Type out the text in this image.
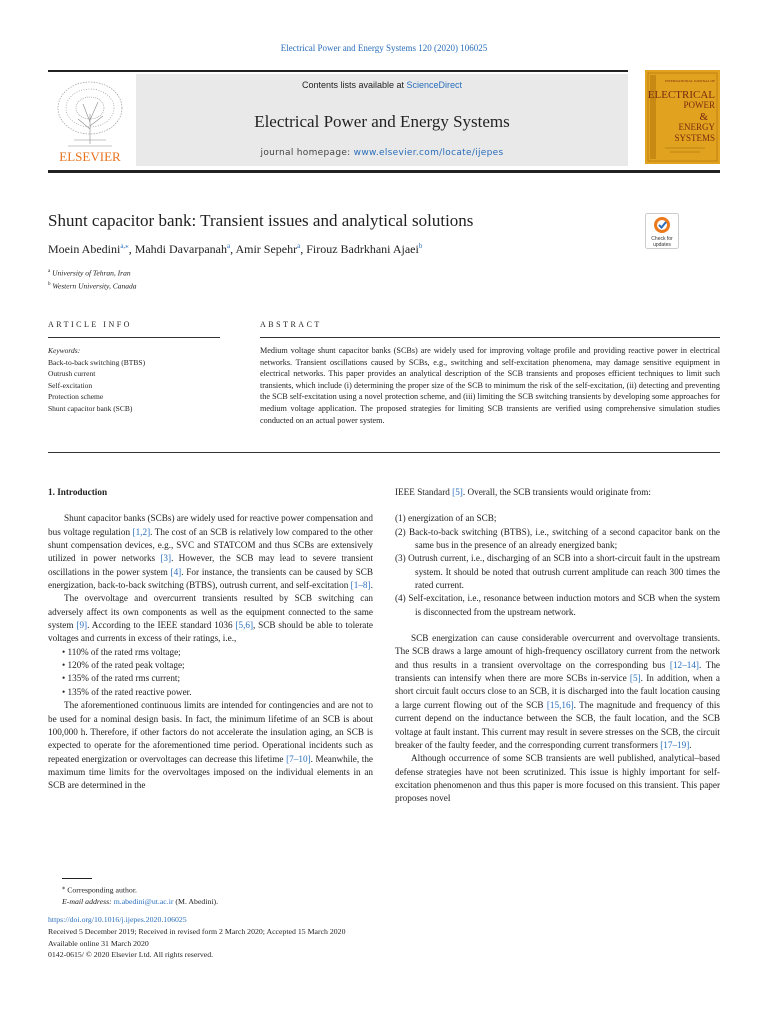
Electrical Power and Energy Systems 120 (2020) 106025
ELSEVIER
Contents lists available at ScienceDirect
Electrical Power and Energy Systems
journal homepage: www.elsevier.com/locate/ijepes
INTERNATIONAL JOURNAL OF
ELECTRICAL
POWER
&
ENERGY
SYSTEMS
Shunt capacitor bank: Transient issues and analytical solutions
Check for
updates
Moein Abedini$^{a,⁎}$, Mahdi Davarpanah$^a$, Amir Sepehr$^a$, Firouz Badrkhani Ajaei$^b$
$^a$ University of Tehran, Iran
$^b$ Western University, Canada
ARTICLE INFO	ABSTRACT
Keywords:
Back-to-back switching (BTBS)
Outrush current
Self-excitation
Protection scheme
Shunt capacitor bank (SCB)
Medium voltage shunt capacitor banks (SCBs) are widely used for improving voltage profile and providing reactive power in electrical networks. Transient oscillations caused by SCBs, e.g., switching and self-excitation phenomena, may damage sensitive equipment in electrical networks. This paper provides an analytical description of the SCB transients and proposes efficient techniques to limit such transients, which include (i) determining the proper size of the SCB to minimum the risk of the self-excitation, (ii) detecting and preventing the SCB self-excitation using a novel protection scheme, and (iii) limiting the SCB switching transients by developing some approaches for medium voltage application. The proposed strategies for limiting SCB transients are verified using comprehensive simulation studies conducted on an actual power system.
1. Introduction

Shunt capacitor banks (SCBs) are widely used for reactive power compensation and bus voltage regulation [1,2]. The cost of an SCB is relatively low compared to the other shunt compensation devices, e.g., SVC and STATCOM and thus SCBs are extensively utilized in power networks [3]. However, the SCB may lead to severe transient oscillations in the power system [4]. For instance, the transients can be caused by SCB energization, back-to-back switching (BTBS), outrush current, and self-excitation [1–8].

The overvoltage and overcurrent transients resulted by SCB switching can adversely affect its own components as well as the equipment connected to the same system [9]. According to the IEEE standard 1036 [5,6], SCB should be able to tolerate voltages and currents in excess of their ratings, i.e.,

• 110% of the rated rms voltage;
• 120% of the rated peak voltage;
• 135% of the rated rms current;
• 135% of the rated reactive power.

The aforementioned continuous limits are intended for contingencies and are not to be used for a nominal design basis. In fact, the minimum lifetime of an SCB is about 100,000 h. Therefore, if other factors do not accelerate the insulation aging, an SCB is expected to operate for the aforementioned time period. Operational incidents such as repeated energization or overvoltages can decrease this lifetime [7–10]. Meanwhile, the maximum time limits for the overvoltages imposed on the individual elements in an SCB are determined in the

IEEE Standard [5]. Overall, the SCB transients would originate from:

(1) energization of an SCB;
(2) Back-to-back switching (BTBS), i.e., switching of a second capacitor bank on the same bus in the presence of an already energized bank;
(3) Outrush current, i.e., discharging of an SCB into a short-circuit fault in the upstream system. It should be noted that outrush current amplitude can reach 300 times the rated current.
(4) Self-excitation, i.e., resonance between induction motors and SCB when the system is disconnected from the upstream network.

SCB energization can cause considerable overcurrent and overvoltage transients. The SCB draws a large amount of high-frequency oscillatory current from the network and thus results in a transient overvoltage on the corresponding bus [12–14]. The transients can intensify when there are more SCBs in-service [5]. In addition, when a short circuit fault occurs close to an SCB, it is discharged into the fault location causing a large current flowing out of the SCB [15,16]. The magnitude and frequency of this current depend on the inductance between the SCB, the fault location, and the SCB voltage at fault instant. This current may result in severe stresses on the SCB, the circuit breaker of the faulty feeder, and the corresponding current transformers [17–19].

Although occurrence of some SCB transients are well published, analytical–based defense strategies have not been scrutinized. This issue is highly important for self-excitation phenomenon and thus this paper is more focused on this transient. This paper proposes novel

⁎ Corresponding author.
E-mail address: m.abedini@ut.ac.ir (M. Abedini).
https://doi.org/10.1016/j.ijepes.2020.106025
Received 5 December 2019; Received in revised form 2 March 2020; Accepted 15 March 2020
Available online 31 March 2020
0142-0615/ © 2020 Elsevier Ltd. All rights reserved.
